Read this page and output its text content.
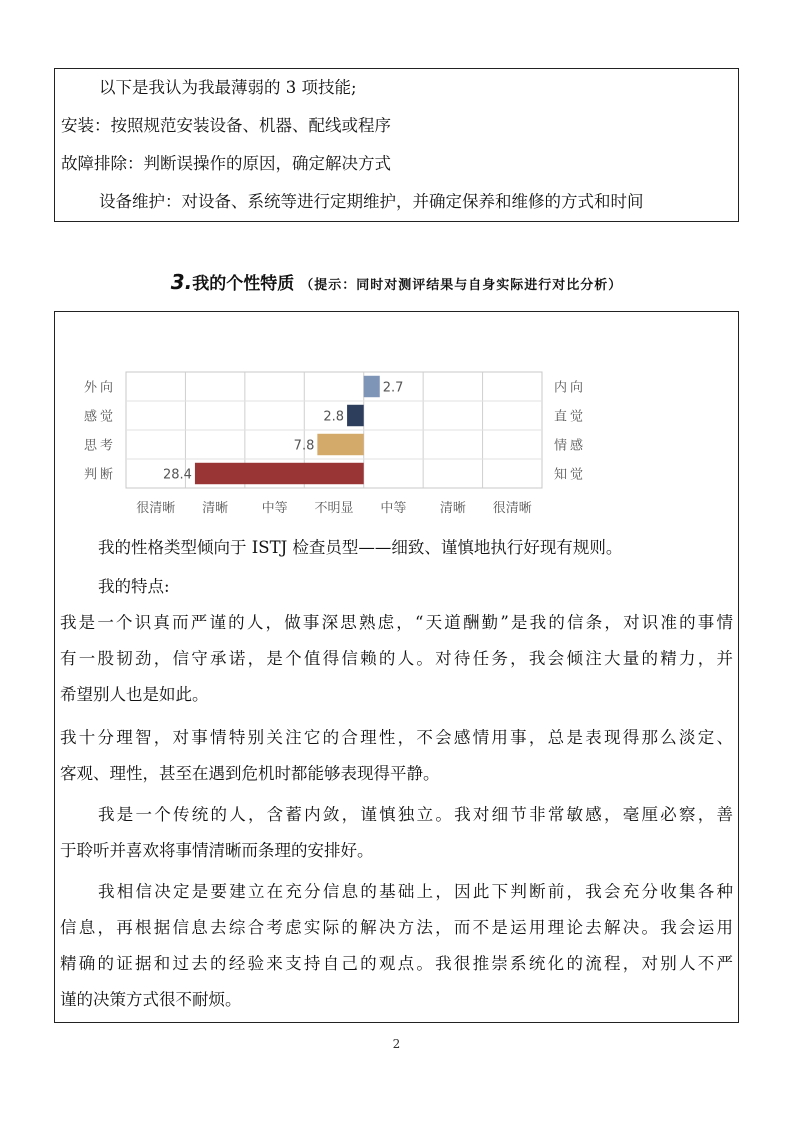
以下是我认为我最薄弱的 3 项技能;
安装：按照规范安装设备、机器、配线或程序
故障排除：判断误操作的原因，确定解决方式
设备维护：对设备、系统等进行定期维护，并确定保养和维修的方式和时间
3.我的个性特质 （提示：同时对测评结果与自身实际进行对比分析）
2.7
外向	内向
2.8
感觉	直觉
7.8
思考	情感
28.4
判断	知觉
很清晰 清晰	中等 不明显 中等	清晰 很清晰
我的性格类型倾向于 ISTJ 检查员型——细致、谨慎地执行好现有规则。
我的特点:
我是一个识真而严谨的人，做事深思熟虑，“天道酬勤”是我的信条，对识准的事情
有一股韧劲，信守承诺，是个值得信赖的人。对待任务，我会倾注大量的精力，并
希望别人也是如此。
我十分理智，对事情特别关注它的合理性，不会感情用事，总是表现得那么淡定、
客观、理性，甚至在遇到危机时都能够表现得平静。
我是一个传统的人，含蓄内敛，谨慎独立。我对细节非常敏感，毫厘必察，善
于聆听并喜欢将事情清晰而条理的安排好。
我相信决定是要建立在充分信息的基础上，因此下判断前，我会充分收集各种
信息，再根据信息去综合考虑实际的解决方法，而不是运用理论去解决。我会运用
精确的证据和过去的经验来支持自己的观点。我很推崇系统化的流程，对别人不严
谨的决策方式很不耐烦。
2
